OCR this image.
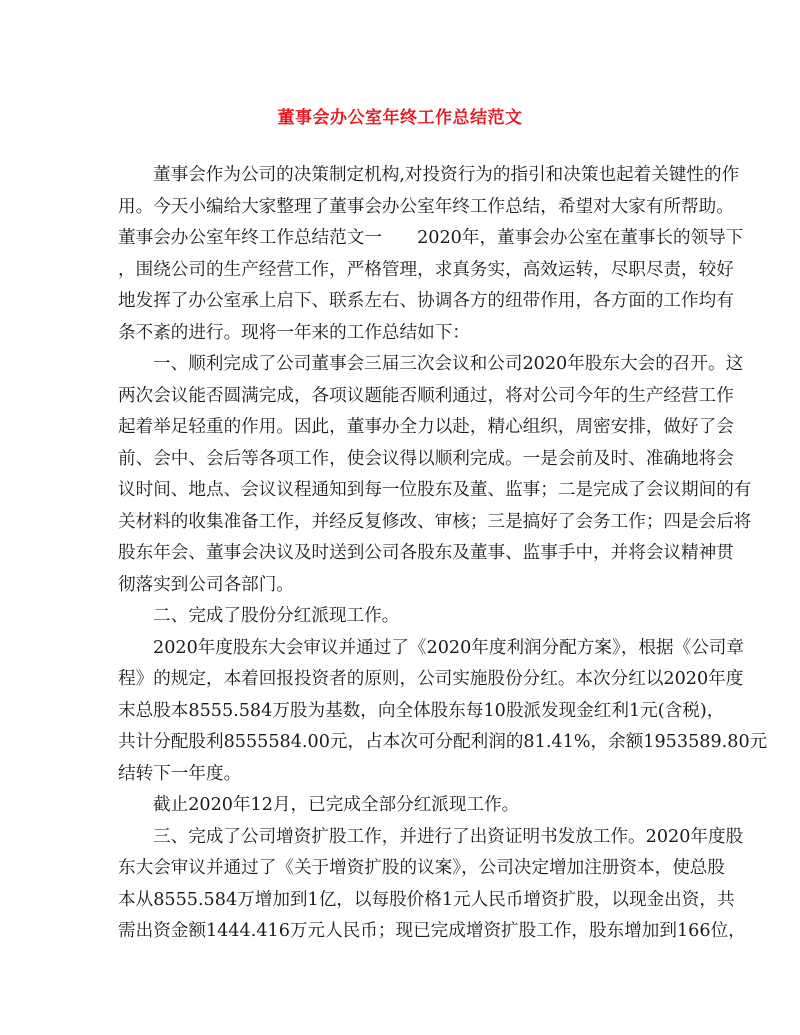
董事会办公室年终工作总结范文
董事会作为公司的决策制定机构,对投资行为的指引和决策也起着关键性的作
用。今天小编给大家整理了董事会办公室年终工作总结，希望对大家有所帮助。
董事会办公室年终工作总结范文一　　2020年，董事会办公室在董事长的领导下
，围绕公司的生产经营工作，严格管理，求真务实，高效运转，尽职尽责，较好
地发挥了办公室承上启下、联系左右、协调各方的纽带作用，各方面的工作均有
条不紊的进行。现将一年来的工作总结如下：
一、顺利完成了公司董事会三届三次会议和公司2020年股东大会的召开。这
两次会议能否圆满完成，各项议题能否顺利通过，将对公司今年的生产经营工作
起着举足轻重的作用。因此，董事办全力以赴，精心组织，周密安排，做好了会
前、会中、会后等各项工作，使会议得以顺利完成。一是会前及时、准确地将会
议时间、地点、会议议程通知到每一位股东及董、监事；二是完成了会议期间的有
关材料的收集准备工作，并经反复修改、审核；三是搞好了会务工作；四是会后将
股东年会、董事会决议及时送到公司各股东及董事、监事手中，并将会议精神贯
彻落实到公司各部门。
二、完成了股份分红派现工作。
2020年度股东大会审议并通过了《2020年度利润分配方案》，根据《公司章
程》的规定，本着回报投资者的原则，公司实施股份分红。本次分红以2020年度
末总股本8555.584万股为基数，向全体股东每10股派发现金红利1元(含税)，
共计分配股利8555584.00元，占本次可分配利润的81.41%，余额1953589.80元
结转下一年度。
截止2020年12月，已完成全部分红派现工作。
三、完成了公司增资扩股工作，并进行了出资证明书发放工作。2020年度股
东大会审议并通过了《关于增资扩股的议案》，公司决定增加注册资本，使总股
本从8555.584万增加到1亿，以每股价格1元人民币增资扩股，以现金出资，共
需出资金额1444.416万元人民币；现已完成增资扩股工作，股东增加到166位，
